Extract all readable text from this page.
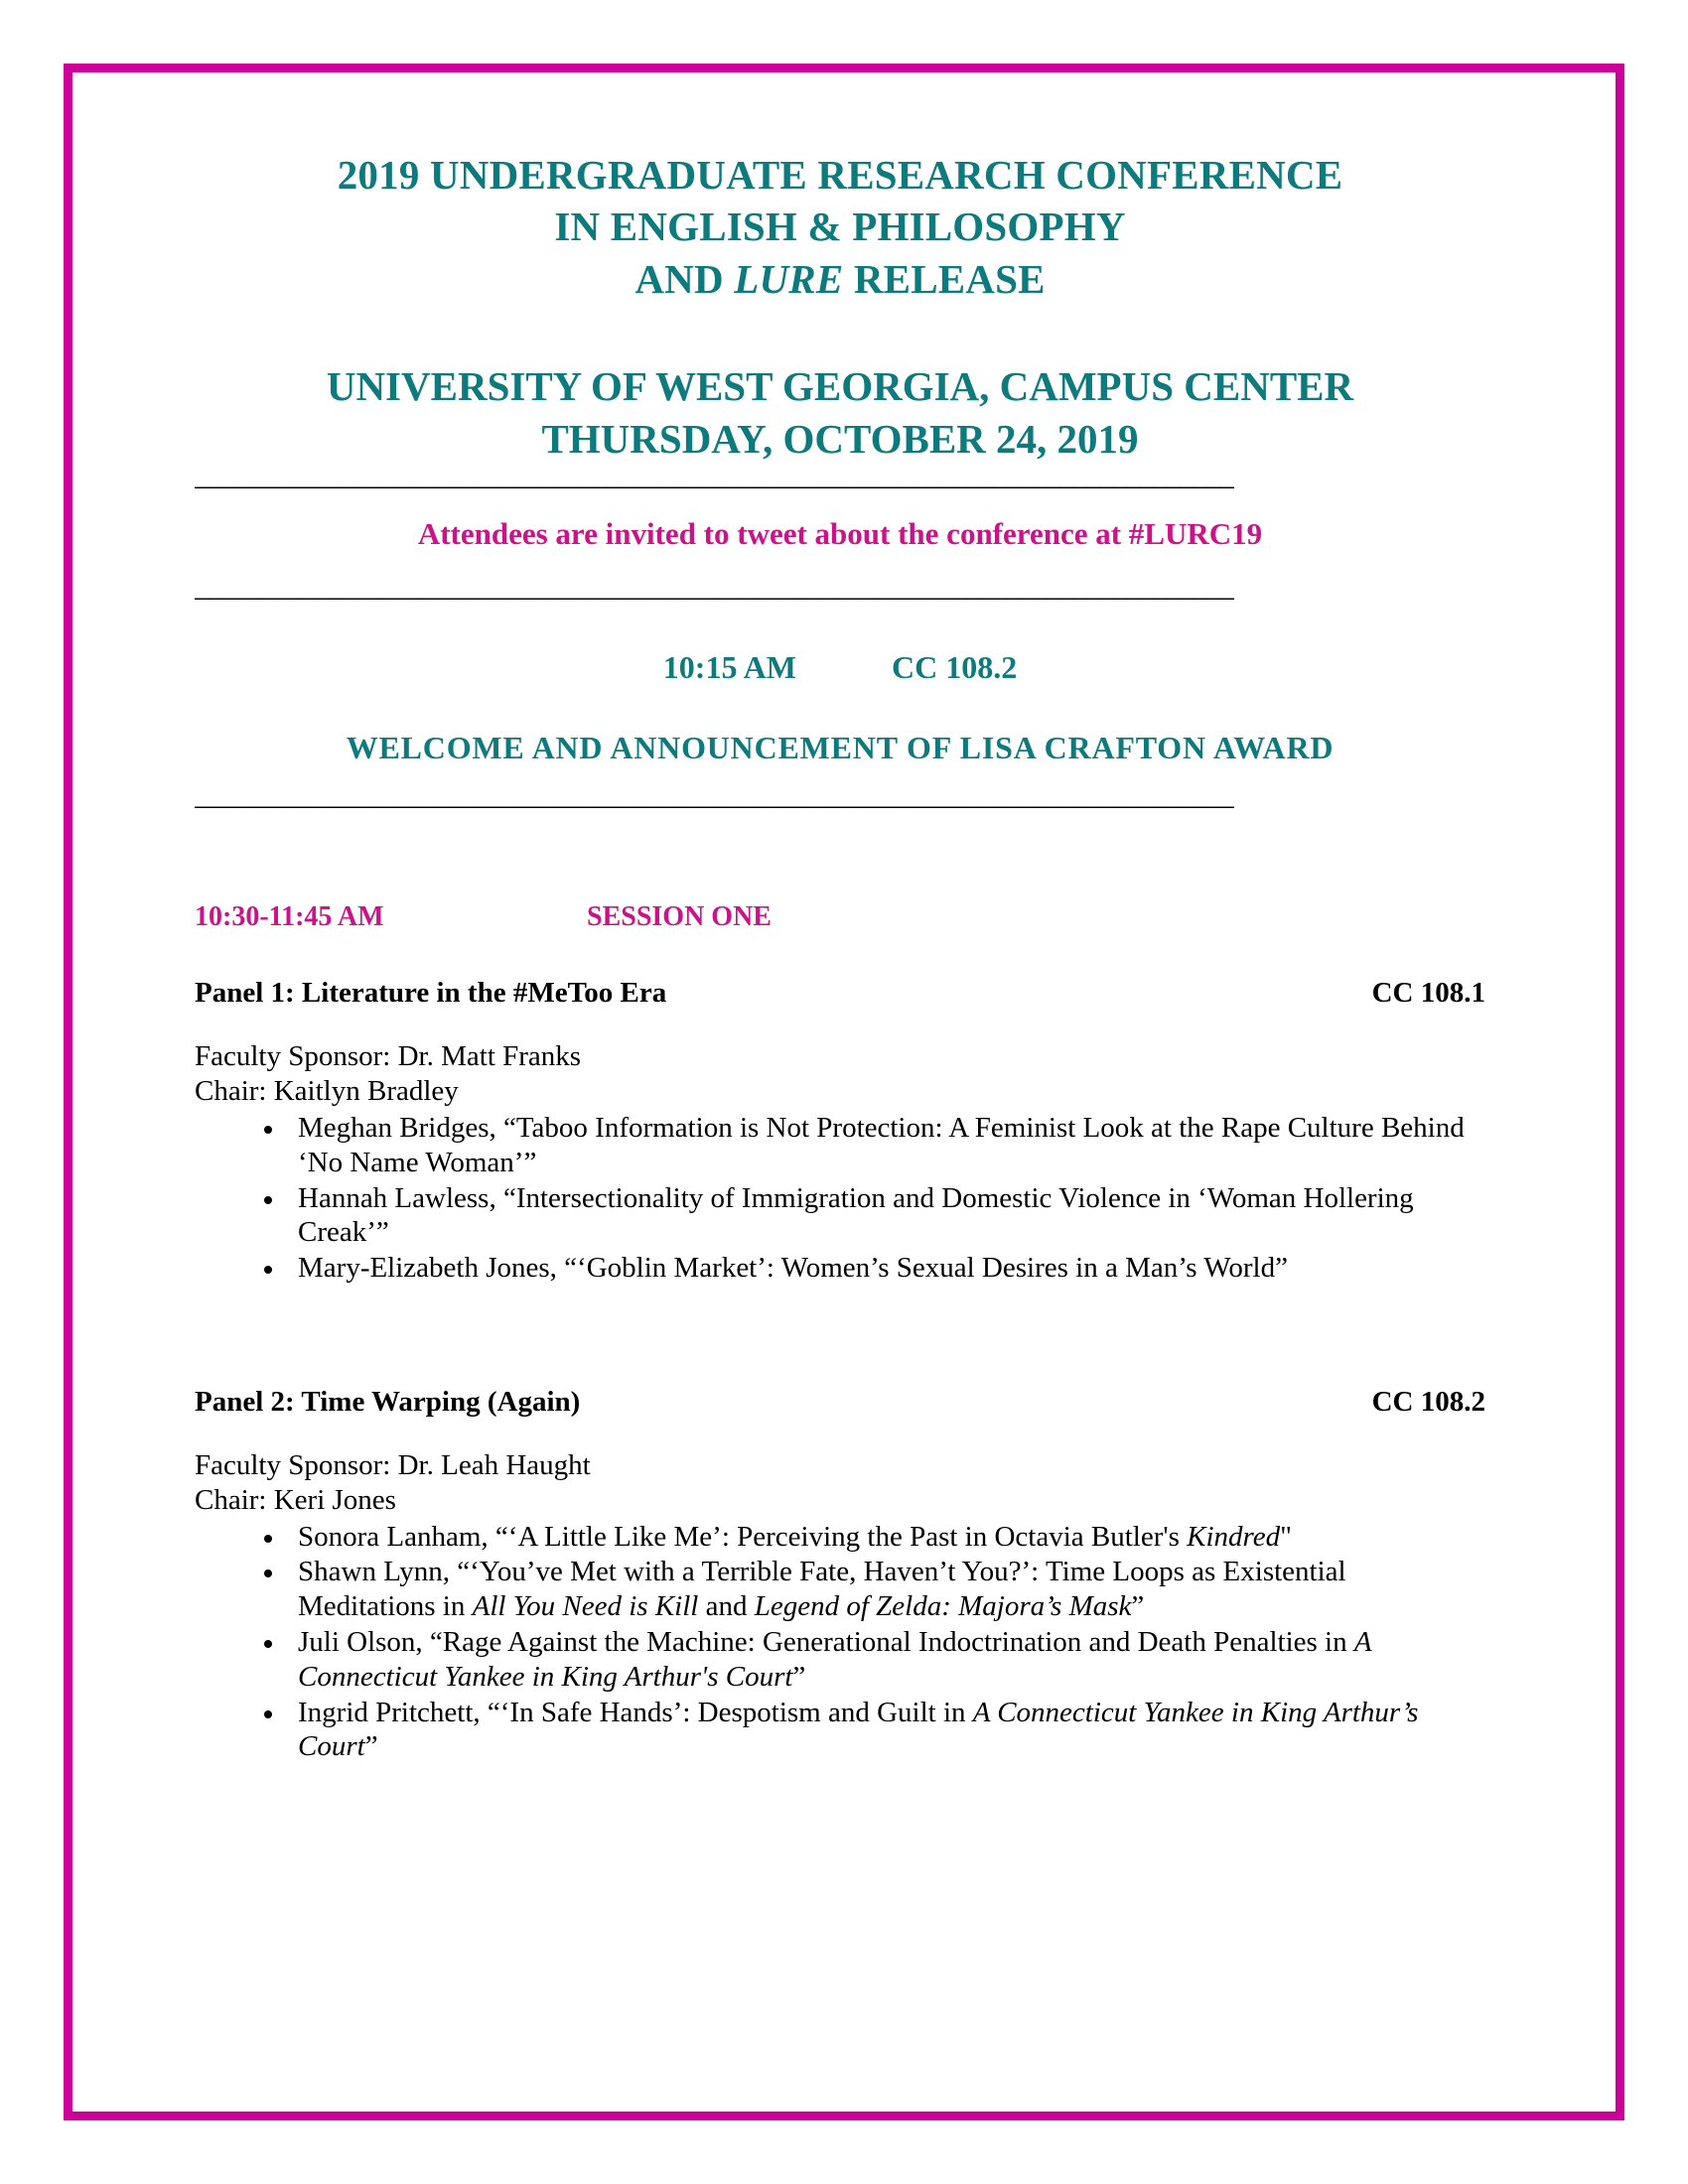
2019 UNDERGRADUATE RESEARCH CONFERENCE
IN ENGLISH & PHILOSOPHY
AND LURE RELEASE
UNIVERSITY OF WEST GEORGIA, CAMPUS CENTER
THURSDAY, OCTOBER 24, 2019
______________________________________________________________________________
Attendees are invited to tweet about the conference at #LURC19
______________________________________________________________________________
10:15 AM	CC 108.2
WELCOME AND ANNOUNCEMENT OF LISA CRAFTON AWARD
______________________________________________________________________________
10:30-11:45 AM	SESSION ONE
Panel 1: Literature in the #MeToo Era	CC 108.1
Faculty Sponsor: Dr. Matt Franks
Chair: Kaitlyn Bradley
• Meghan Bridges, “Taboo Information is Not Protection: A Feminist Look at the Rape Culture Behind ‘No Name Woman’”
• Hannah Lawless, “Intersectionality of Immigration and Domestic Violence in ‘Woman Hollering Creak’”
• Mary-Elizabeth Jones, “‘Goblin Market’: Women’s Sexual Desires in a Man’s World”
Panel 2: Time Warping (Again)	CC 108.2
Faculty Sponsor: Dr. Leah Haught
Chair: Keri Jones
• Sonora Lanham, “‘A Little Like Me’: Perceiving the Past in Octavia Butler's Kindred"
• Shawn Lynn, “‘You’ve Met with a Terrible Fate, Haven’t You?’: Time Loops as Existential Meditations in All You Need is Kill and Legend of Zelda: Majora’s Mask”
• Juli Olson, “Rage Against the Machine: Generational Indoctrination and Death Penalties in A Connecticut Yankee in King Arthur's Court”
• Ingrid Pritchett, “‘In Safe Hands’: Despotism and Guilt in A Connecticut Yankee in King Arthur’s Court”
